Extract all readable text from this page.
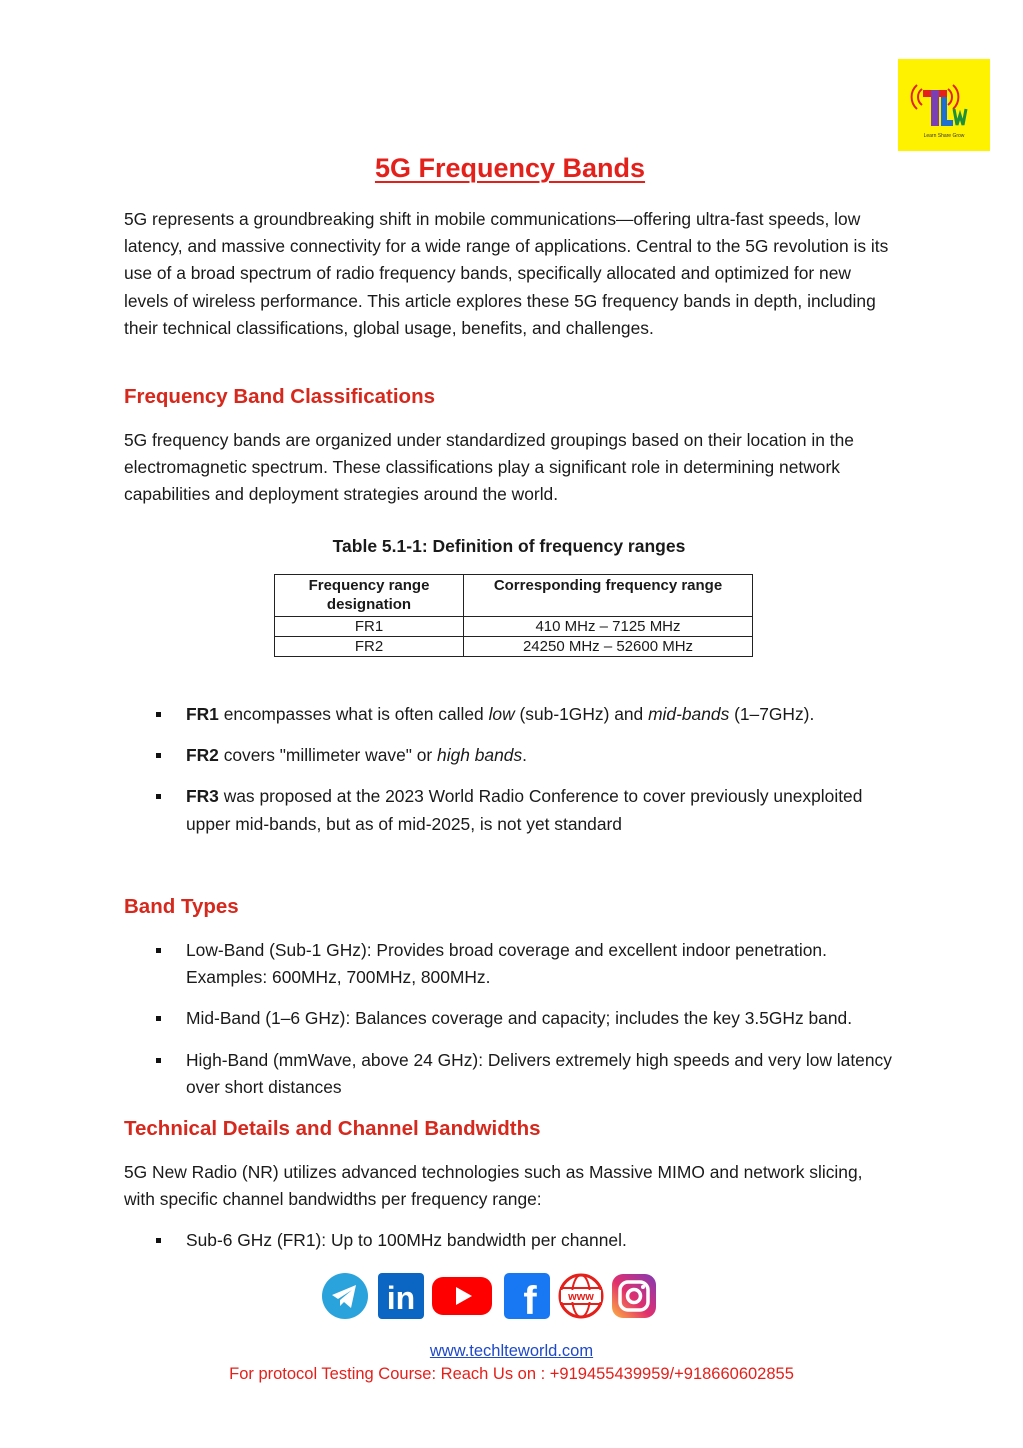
Learn Share Grow
5G Frequency Bands
5G represents a groundbreaking shift in mobile communications—offering ultra-fast speeds, low latency, and massive connectivity for a wide range of applications. Central to the 5G revolution is its use of a broad spectrum of radio frequency bands, specifically allocated and optimized for new levels of wireless performance. This article explores these 5G frequency bands in depth, including their technical classifications, global usage, benefits, and challenges.
Frequency Band Classifications
5G frequency bands are organized under standardized groupings based on their location in the electromagnetic spectrum. These classifications play a significant role in determining network capabilities and deployment strategies around the world.
Table 5.1-1: Definition of frequency ranges
Frequency range designation	Corresponding frequency range
FR1	410 MHz – 7125 MHz
FR2	24250 MHz – 52600 MHz
FR1 encompasses what is often called low (sub-1GHz) and mid-bands (1–7GHz).
FR2 covers "millimeter wave" or high bands.
FR3 was proposed at the 2023 World Radio Conference to cover previously unexploited upper mid-bands, but as of mid-2025, is not yet standard
Band Types
Low-Band (Sub-1 GHz): Provides broad coverage and excellent indoor penetration. Examples: 600MHz, 700MHz, 800MHz.
Mid-Band (1–6 GHz): Balances coverage and capacity; includes the key 3.5GHz band.
High-Band (mmWave, above 24 GHz): Delivers extremely high speeds and very low latency over short distances
Technical Details and Channel Bandwidths
5G New Radio (NR) utilizes advanced technologies such as Massive MIMO and network slicing, with specific channel bandwidths per frequency range:
Sub-6 GHz (FR1): Up to 100MHz bandwidth per channel.
in	f	www
www.techlteworld.com
For protocol Testing Course: Reach Us on : +919455439959/+918660602855
